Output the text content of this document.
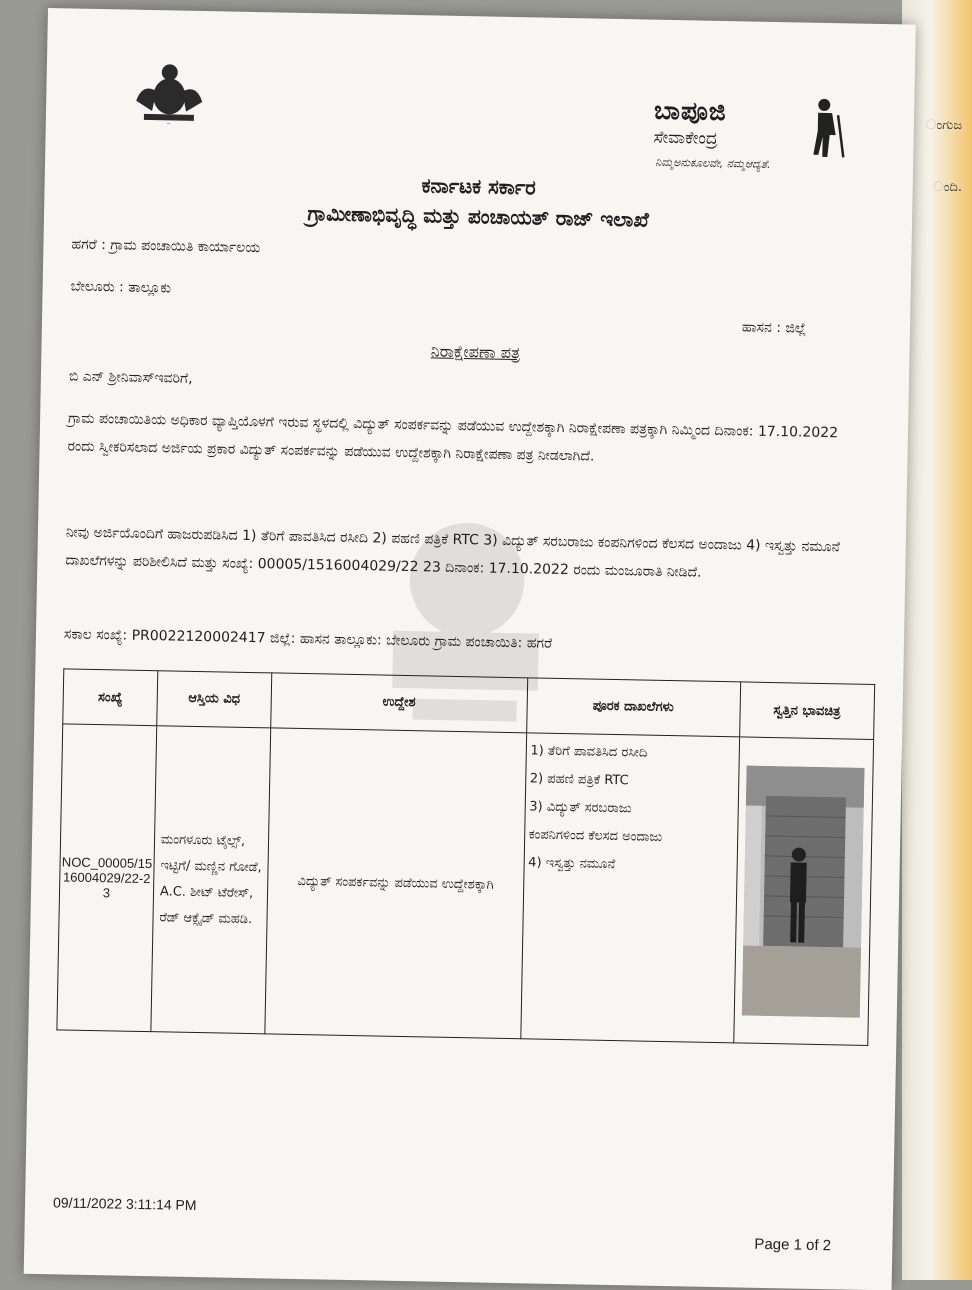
ಂಗುಜ
ಂದಿ.
~	ಬಾಪೂಜಿ
ಸೇವಾಕೇಂದ್ರ
ನಿಮ್ಮಅನುಕೂಲವೇ, ನಮ್ಮಆದ್ಯತೆ.
ಕರ್ನಾಟಕ ಸರ್ಕಾರ
ಗ್ರಾಮೀಣಾಭಿವೃದ್ಧಿ ಮತ್ತು ಪಂಚಾಯತ್ ರಾಜ್ ಇಲಾಖೆ
ಹಗರೆ : ಗ್ರಾಮ ಪಂಚಾಯಿತಿ ಕಾರ್ಯಾಲಯ
ಬೇಲೂರು : ತಾಲ್ಲೂಕು
ಹಾಸನ : ಜಿಲ್ಲೆ
ನಿರಾಕ್ಷೇಪಣಾ ಪತ್ರ
ಬಿ ಎನ್ ಶ್ರೀನಿವಾಸ್ಇವರಿಗೆ,
ಗ್ರಾಮ ಪಂಚಾಯಿತಿಯ ಅಧಿಕಾರ ವ್ಯಾಪ್ತಿಯೊಳಗೆ ಇರುವ ಸ್ಥಳದಲ್ಲಿ ವಿದ್ಯುತ್ ಸಂಪರ್ಕವನ್ನು ಪಡೆಯುವ ಉದ್ದೇಶಕ್ಕಾಗಿ ನಿರಾಕ್ಷೇಪಣಾ ಪತ್ರಕ್ಕಾಗಿ ನಿಮ್ಮಿಂದ ದಿನಾಂಕ: 17.10.2022 ರಂದು ಸ್ವೀಕರಿಸಲಾದ ಅರ್ಜಿಯ ಪ್ರಕಾರ ವಿದ್ಯುತ್ ಸಂಪರ್ಕವನ್ನು ಪಡೆಯುವ ಉದ್ದೇಶಕ್ಕಾಗಿ ನಿರಾಕ್ಷೇಪಣಾ ಪತ್ರ ನೀಡಲಾಗಿದೆ.
ನೀವು ಅರ್ಜಿಯೊಂದಿಗೆ ಹಾಜರುಪಡಿಸಿದ 1) ತೆರಿಗೆ ಪಾವತಿಸಿದ ರಸೀದಿ 2) ಪಹಣಿ ಪತ್ರಿಕೆ RTC 3) ವಿದ್ಯುತ್ ಸರಬರಾಜು ಕಂಪನಿಗಳಿಂದ ಕೆಲಸದ ಅಂದಾಜು 4) ಇಸ್ವತ್ತು ನಮೂನೆ ದಾಖಲೆಗಳನ್ನು ಪರಿಶೀಲಿಸಿದೆ ಮತ್ತು ಸಂಖ್ಯೆ: 00005/1516004029/22 23 ದಿನಾಂಕ: 17.10.2022 ರಂದು ಮಂಜೂರಾತಿ ನೀಡಿದೆ.
ಸಕಾಲ ಸಂಖ್ಯೆ: PR0022120002417 ಜಿಲ್ಲೆ: ಹಾಸನ ತಾಲ್ಲೂಕು: ಬೇಲೂರು ಗ್ರಾಮ ಪಂಚಾಯಿತಿ: ಹಗರೆ
ಸಂಖ್ಯೆ	ಆಸ್ತಿಯ ವಿಧ	ಉದ್ದೇಶ	ಪೂರಕ ದಾಖಲೆಗಳು	ಸ್ವತ್ತಿನ ಭಾವಚಿತ್ರ
NOC_00005/1516004029/22-23	ಮಂಗಳೂರು ಟೈಲ್ಸ್, ಇಟ್ಟಿಗೆ/ ಮಣ್ಣಿನ ಗೋಡೆ, A.C. ಶೀಟ್ ಟೆರೇಸ್, ರೆಡ್ ಆಕ್ಸೈಡ್ ಮಹಡಿ.	ವಿದ್ಯುತ್ ಸಂಪರ್ಕವನ್ನು ಪಡೆಯುವ ಉದ್ದೇಶಕ್ಕಾಗಿ	1) ತೆರಿಗೆ ಪಾವತಿಸಿದ ರಸೀದಿ
2) ಪಹಣಿ ಪತ್ರಿಕೆ RTC
3) ವಿದ್ಯುತ್ ಸರಬರಾಜು
ಕಂಪನಿಗಳಿಂದ ಕೆಲಸದ ಅಂದಾಜು
4) ಇಸ್ವತ್ತು ನಮೂನೆ

09/11/2022 3:11:14 PM
Page 1 of 2
